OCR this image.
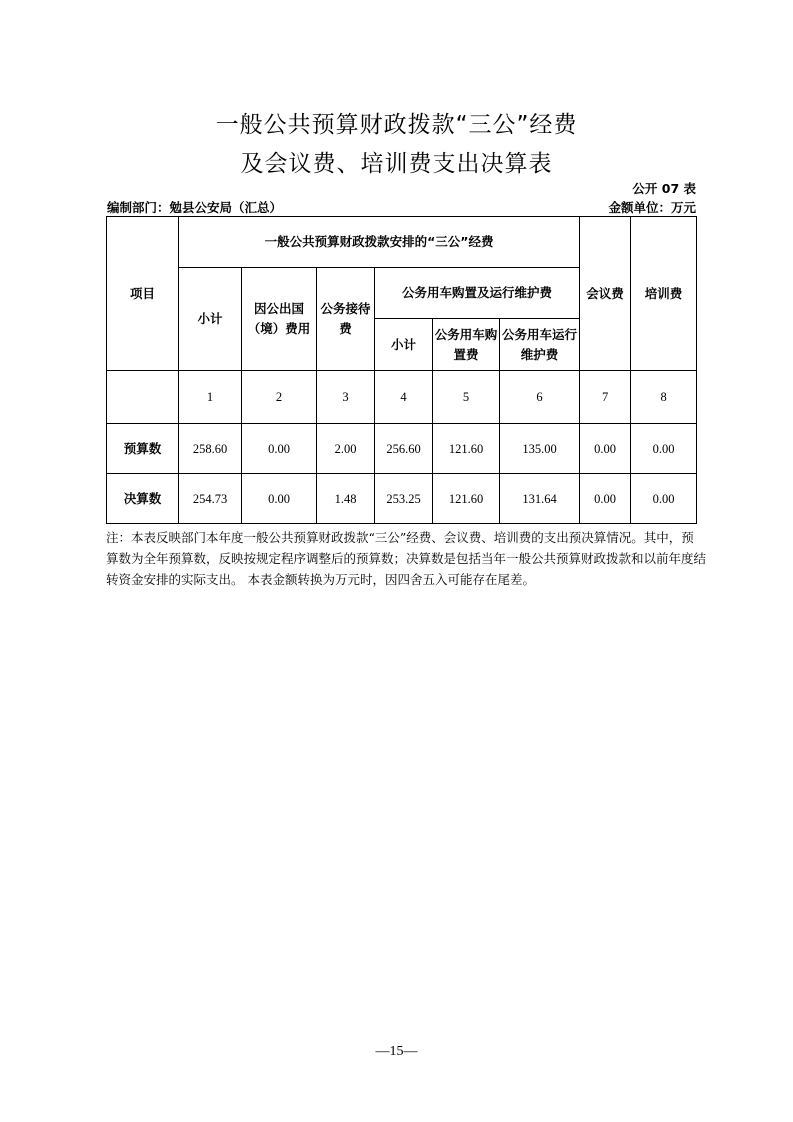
一般公共预算财政拨款“三公”经费
及会议费、培训费支出决算表
公开 07 表
编制部门：勉县公安局（汇总）	金额单位：万元
项目	一般公共预算财政拨款安排的“三公”经费						会议费	培训费
	小计	因公出国（境）费用	公务接待费	公务用车购置及运行维护费				
				小计	公务用车购置费	公务用车运行维护费		
	1	2	3	4	5	6	7	8
预算数	258.60	0.00	2.00	256.60	121.60	135.00	0.00	0.00
决算数	254.73	0.00	1.48	253.25	121.60	131.64	0.00	0.00
注：本表反映部门本年度一般公共预算财政拨款“三公”经费、会议费、培训费的支出预决算情况。其中，预算数为全年预算数，反映按规定程序调整后的预算数；决算数是包括当年一般公共预算财政拨款和以前年度结转资金安排的实际支出。 本表金额转换为万元时，因四舍五入可能存在尾差。
—15—
